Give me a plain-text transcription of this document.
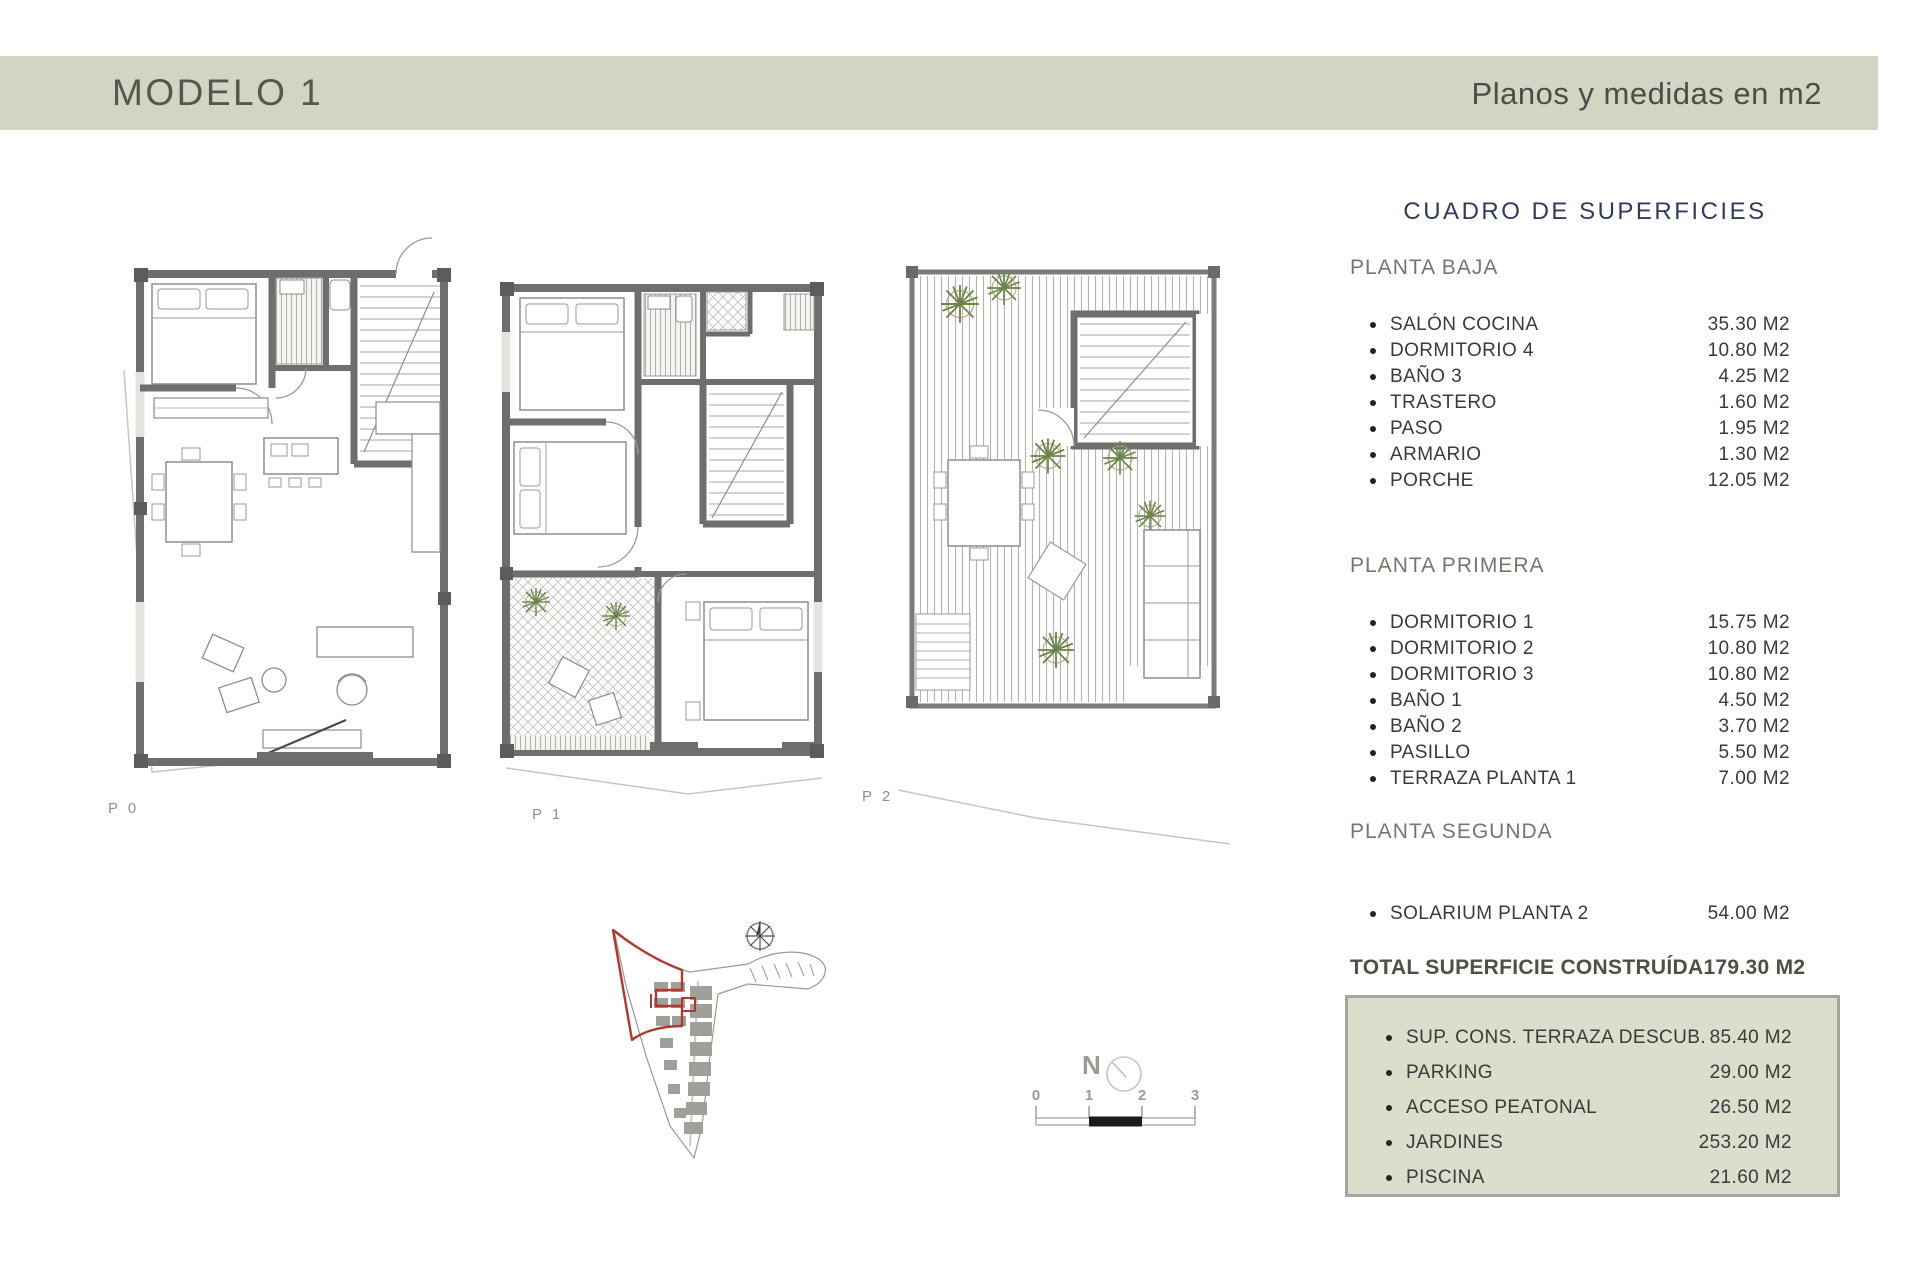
MODELO 1	Planos y medidas en m2
P 0	P 1
P 2
N
0	1	2	3
CUADRO DE SUPERFICIES
PLANTA BAJA
SALÓN COCINA	35.30 M2
DORMITORIO 4	10.80 M2
BAÑO 3	4.25 M2
TRASTERO	1.60 M2
PASO	1.95 M2
ARMARIO	1.30 M2
PORCHE	12.05 M2
PLANTA PRIMERA
DORMITORIO 1	15.75 M2
DORMITORIO 2	10.80 M2
DORMITORIO 3	10.80 M2
BAÑO 1	4.50 M2
BAÑO 2	3.70 M2
PASILLO	5.50 M2
TERRAZA PLANTA 1	7.00 M2
PLANTA SEGUNDA
SOLARIUM PLANTA 2	54.00 M2
TOTAL SUPERFICIE CONSTRUÍDA 179.30 M2
SUP. CONS. TERRAZA DESCUB. 85.40 M2
PARKING	29.00 M2
ACCESO PEATONAL	26.50 M2
JARDINES	253.20 M2
PISCINA	21.60 M2
